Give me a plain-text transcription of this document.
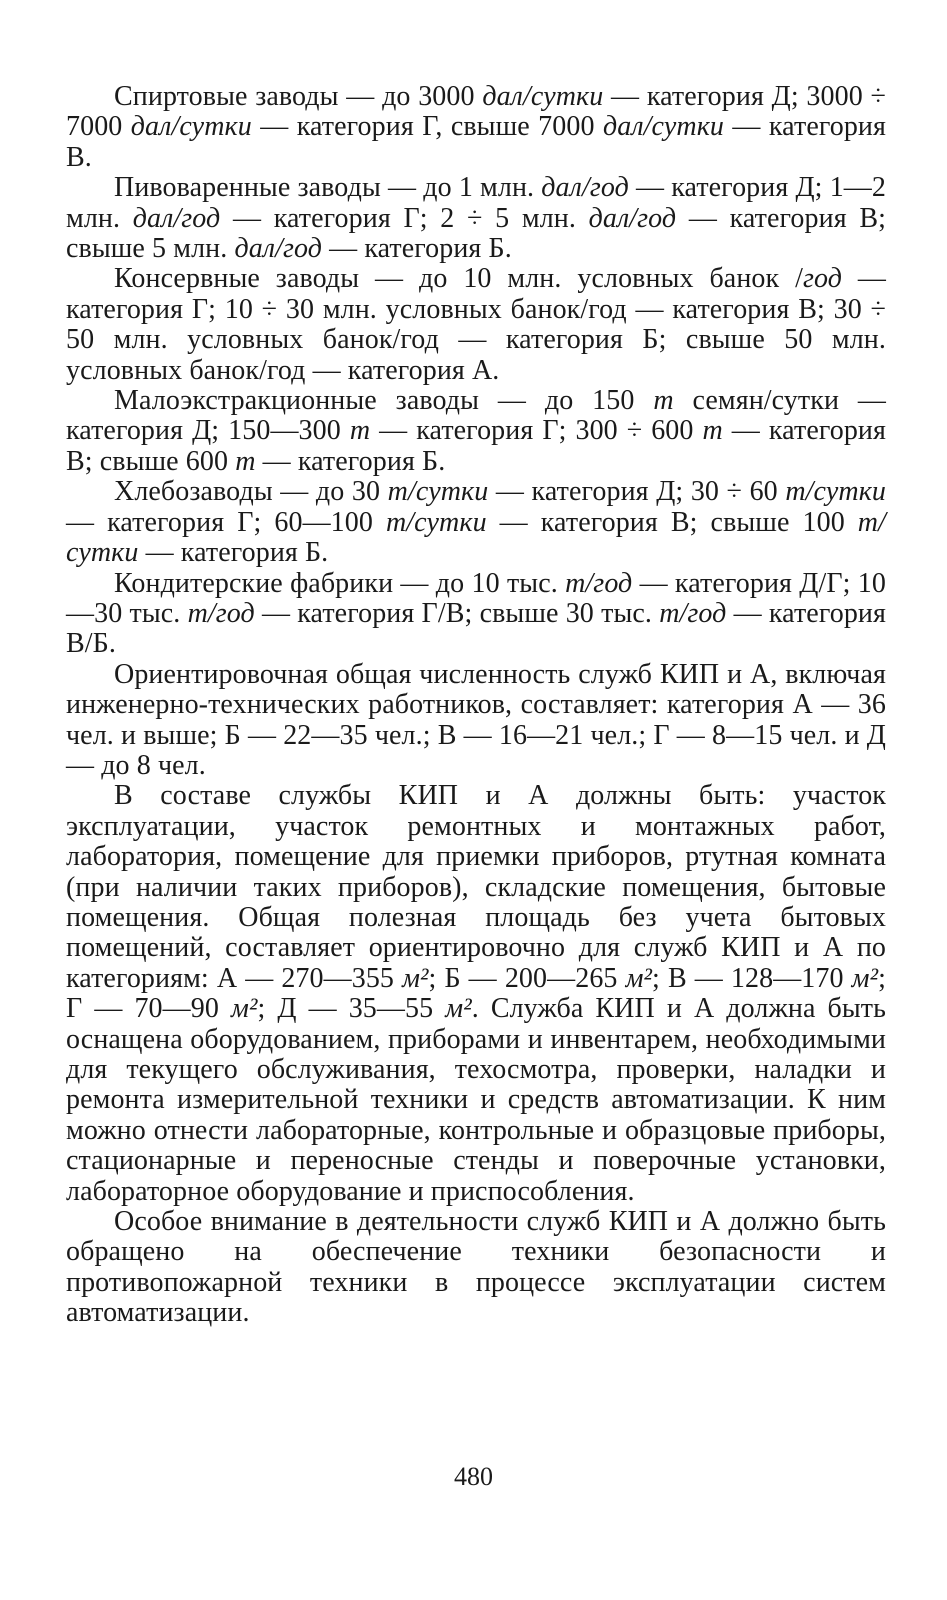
Спиртовые заводы — до 3000 дал/сутки — категория Д; 3000 ÷ 7000 дал/сутки — категория Г, свыше 7000 дал/сутки — категория В.

Пивоваренные заводы — до 1 млн. дал/год — категория Д; 1—2 млн. дал/год — категория Г; 2 ÷ 5 млн. дал/год — категория В; свыше 5 млн. дал/год — категория Б.

Консервные заводы — до 10 млн. условных банок /год — категория Г; 10 ÷ 30 млн. условных банок/год — категория В; 30 ÷ 50 млн. условных банок/год — категория Б; свыше 50 млн. условных банок/год — категория А.

Малоэкстракционные заводы — до 150 т семян/сутки — категория Д; 150—300 т — категория Г; 300 ÷ 600 т — категория В; свыше 600 т — категория Б.

Хлебозаводы — до 30 т/сутки — категория Д; 30 ÷ 60 т/сутки — категория Г; 60—100 т/сутки — категория В; свыше 100 т/сутки — категория Б.

Кондитерские фабрики — до 10 тыс. т/год — категория Д/Г; 10—30 тыс. т/год — категория Г/В; свыше 30 тыс. т/год — категория В/Б.

Ориентировочная общая численность служб КИП и А, включая инженерно-технических работников, составляет: категория А — 36 чел. и выше; Б — 22—35 чел.; В — 16—21 чел.; Г — 8—15 чел. и Д — до 8 чел.

В составе службы КИП и А должны быть: участок эксплуатации, участок ремонтных и монтажных работ, лаборатория, помещение для приемки приборов, ртутная комната (при наличии таких приборов), складские помещения, бытовые помещения. Общая полезная площадь без учета бытовых помещений, составляет ориентировочно для служб КИП и А по категориям: А — 270—355 м²; Б — 200—265 м²; В — 128—170 м²; Г — 70—90 м²; Д — 35—55 м². Служба КИП и А должна быть оснащена оборудованием, приборами и инвентарем, необходимыми для текущего обслуживания, техосмотра, проверки, наладки и ремонта измерительной техники и средств автоматизации. К ним можно отнести лабораторные, контрольные и образцовые приборы, стационарные и переносные стенды и поверочные установки, лабораторное оборудование и приспособления.

Особое внимание в деятельности служб КИП и А должно быть обращено на обеспечение техники безопасности и противопожарной техники в процессе эксплуатации систем автоматизации.

480
